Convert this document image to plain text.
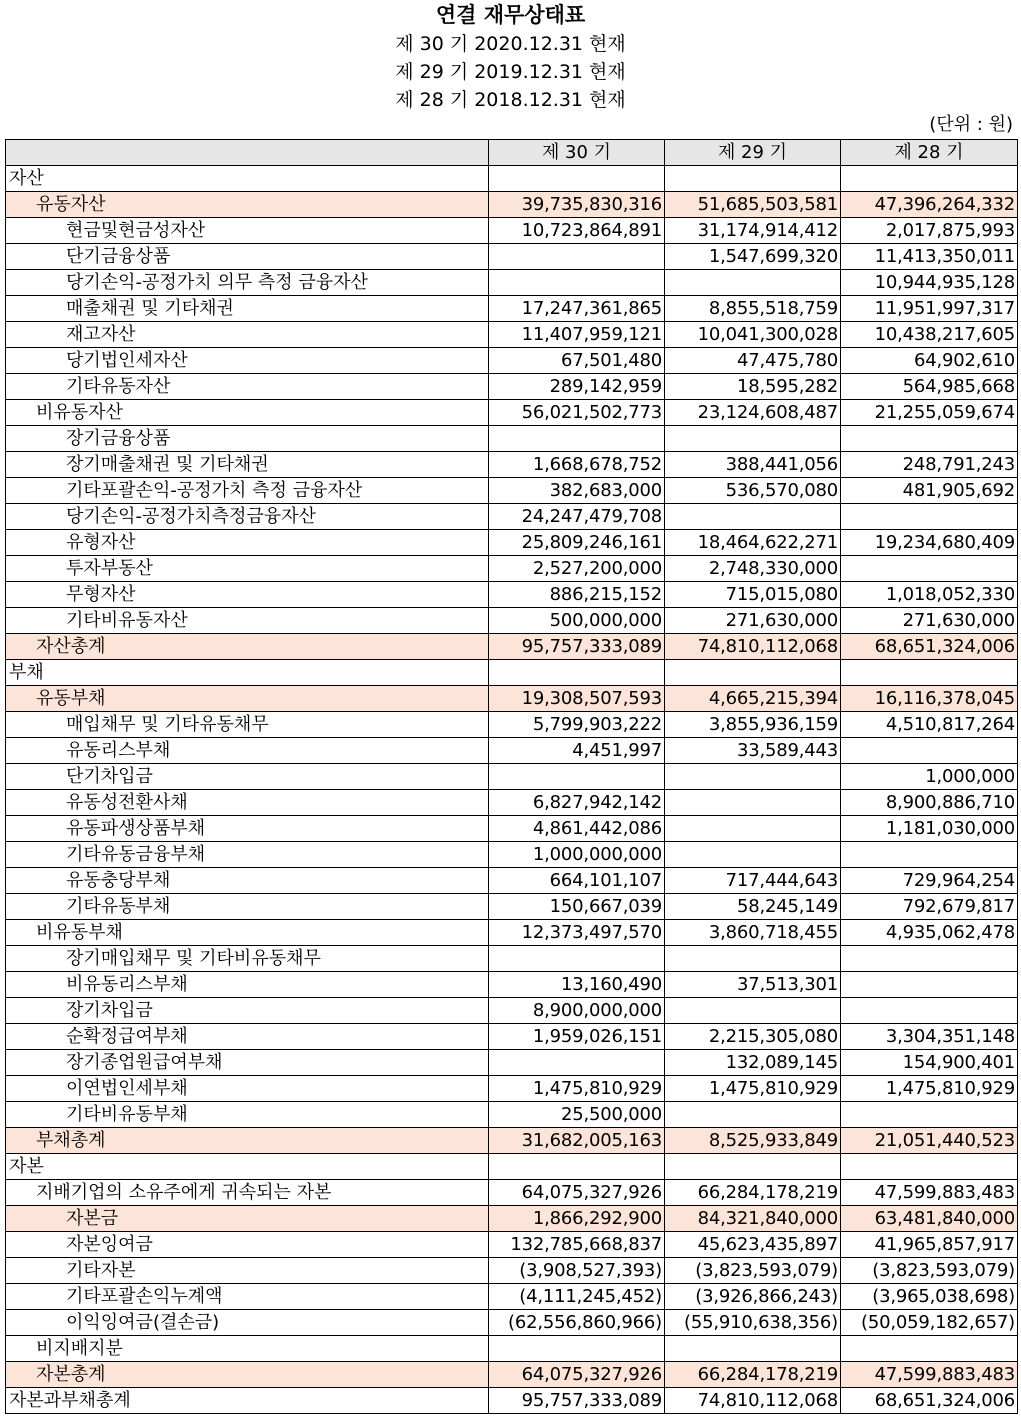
연결 재무상태표
제 30 기 2020.12.31 현재
제 29 기 2019.12.31 현재
제 28 기 2018.12.31 현재
(단위 : 원)
	제 30 기	제 29 기	제 28 기
자산			
유동자산	39,735,830,316	51,685,503,581	47,396,264,332
현금및현금성자산	10,723,864,891	31,174,914,412	2,017,875,993
단기금융상품		1,547,699,320	11,413,350,011
당기손익-공정가치 의무 측정 금융자산			10,944,935,128
매출채권 및 기타채권	17,247,361,865	8,855,518,759	11,951,997,317
재고자산	11,407,959,121	10,041,300,028	10,438,217,605
당기법인세자산	67,501,480	47,475,780	64,902,610
기타유동자산	289,142,959	18,595,282	564,985,668
비유동자산	56,021,502,773	23,124,608,487	21,255,059,674
장기금융상품			
장기매출채권 및 기타채권	1,668,678,752	388,441,056	248,791,243
기타포괄손익-공정가치 측정 금융자산	382,683,000	536,570,080	481,905,692
당기손익-공정가치측정금융자산	24,247,479,708		
유형자산	25,809,246,161	18,464,622,271	19,234,680,409
투자부동산	2,527,200,000	2,748,330,000	
무형자산	886,215,152	715,015,080	1,018,052,330
기타비유동자산	500,000,000	271,630,000	271,630,000
자산총계	95,757,333,089	74,810,112,068	68,651,324,006
부채			
유동부채	19,308,507,593	4,665,215,394	16,116,378,045
매입채무 및 기타유동채무	5,799,903,222	3,855,936,159	4,510,817,264
유동리스부채	4,451,997	33,589,443	
단기차입금			1,000,000
유동성전환사채	6,827,942,142		8,900,886,710
유동파생상품부채	4,861,442,086		1,181,030,000
기타유동금융부채	1,000,000,000		
유동충당부채	664,101,107	717,444,643	729,964,254
기타유동부채	150,667,039	58,245,149	792,679,817
비유동부채	12,373,497,570	3,860,718,455	4,935,062,478
장기매입채무 및 기타비유동채무			
비유동리스부채	13,160,490	37,513,301	
장기차입금	8,900,000,000		
순확정급여부채	1,959,026,151	2,215,305,080	3,304,351,148
장기종업원급여부채		132,089,145	154,900,401
이연법인세부채	1,475,810,929	1,475,810,929	1,475,810,929
기타비유동부채	25,500,000		
부채총계	31,682,005,163	8,525,933,849	21,051,440,523
자본			
지배기업의 소유주에게 귀속되는 자본	64,075,327,926	66,284,178,219	47,599,883,483
자본금	1,866,292,900	84,321,840,000	63,481,840,000
자본잉여금	132,785,668,837	45,623,435,897	41,965,857,917
기타자본	(3,908,527,393)	(3,823,593,079)	(3,823,593,079)
기타포괄손익누계액	(4,111,245,452)	(3,926,866,243)	(3,965,038,698)
이익잉여금(결손금)	(62,556,860,966)	(55,910,638,356)	(50,059,182,657)
비지배지분			
자본총계	64,075,327,926	66,284,178,219	47,599,883,483
자본과부채총계	95,757,333,089	74,810,112,068	68,651,324,006
